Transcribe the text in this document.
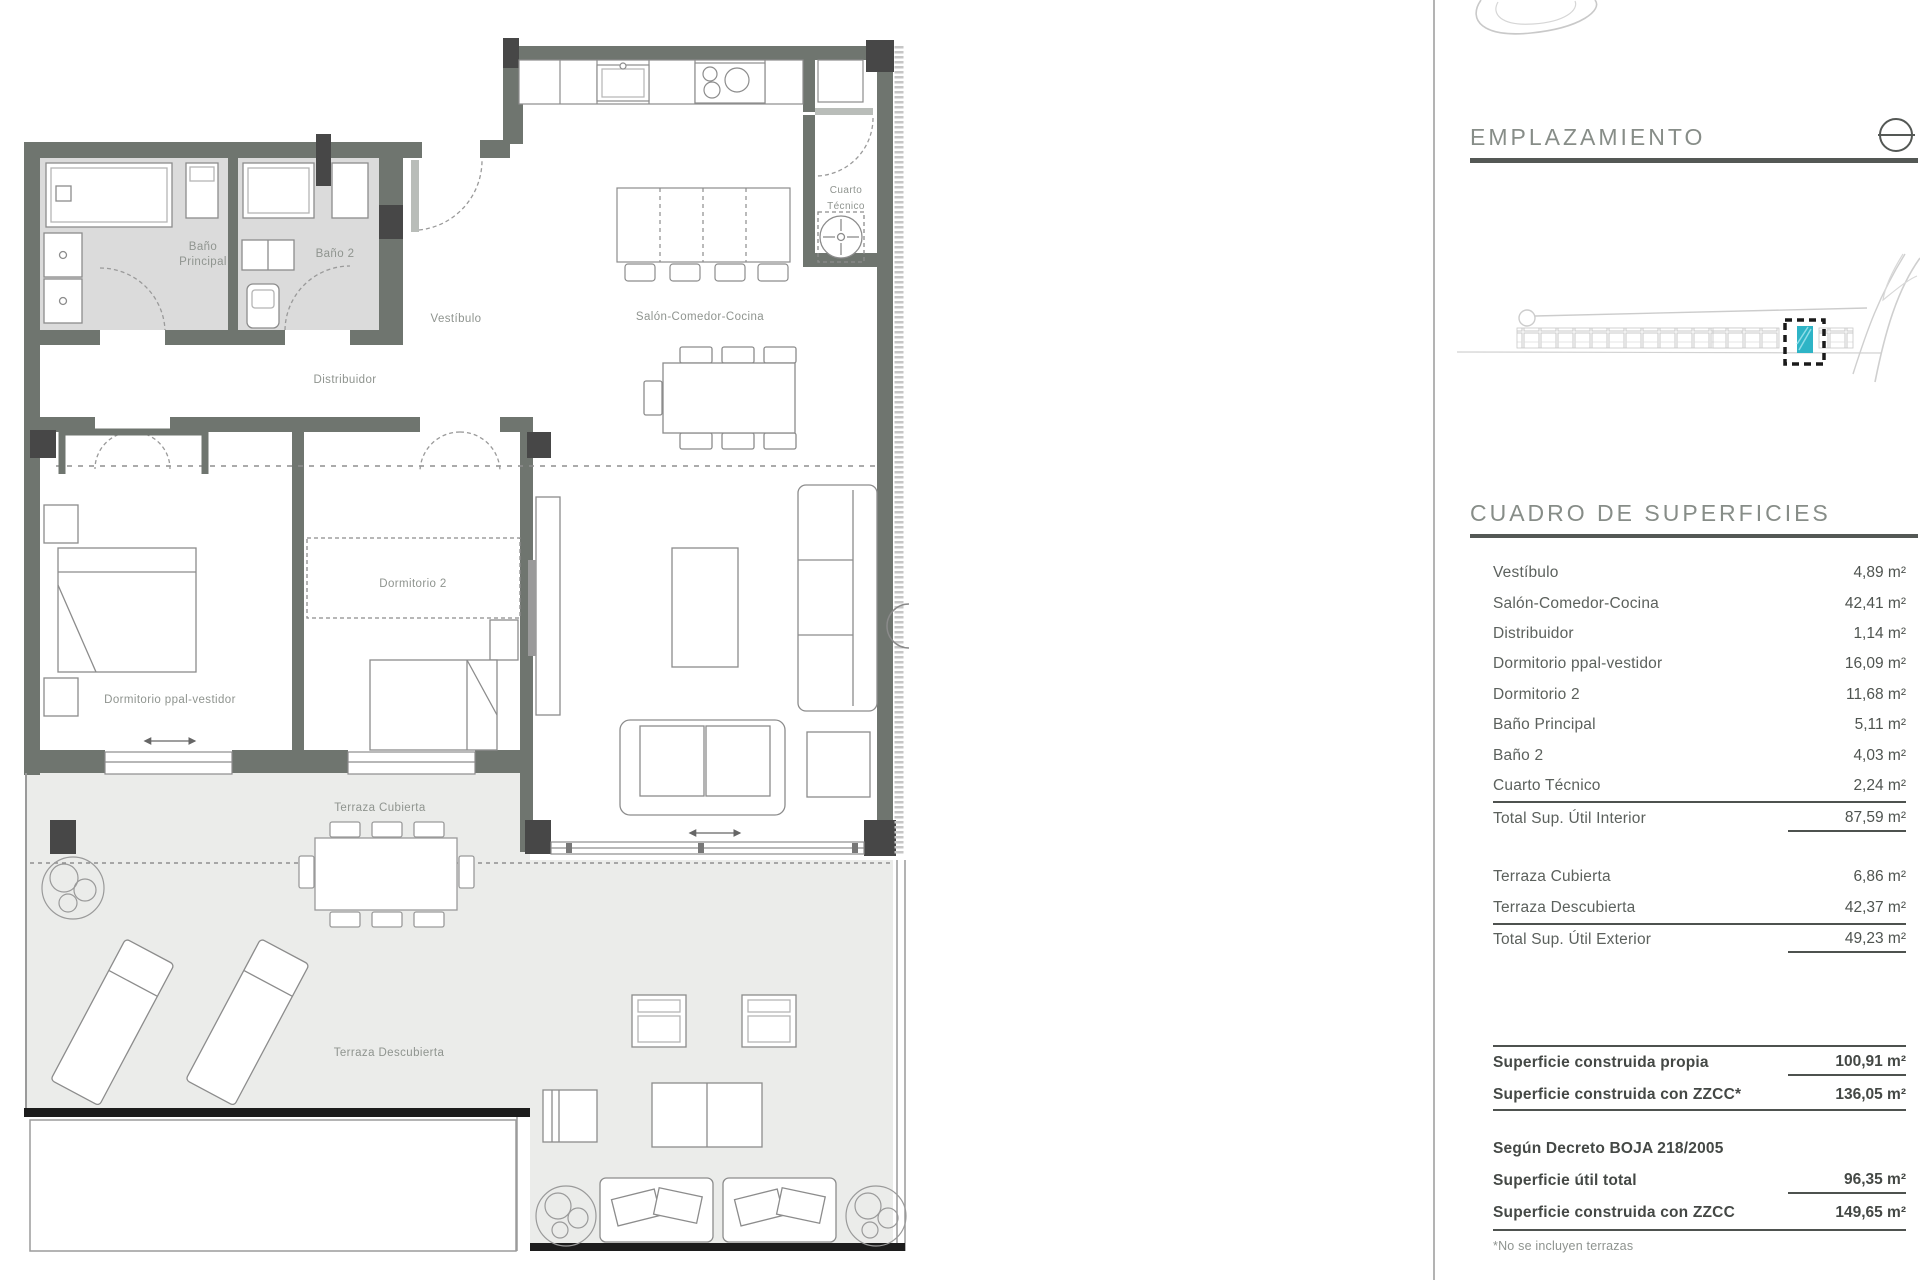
Baño
Principal
Baño 2
Cuarto
Técnico
Salón-Comedor-Cocina
Vestíbulo
Distribuidor
Dormitorio ppal-vestidor
Dormitorio 2
Terraza Cubierta
Terraza Descubierta
EMPLAZAMIENTO
CUADRO DE SUPERFICIES
Vestíbulo	4,89 m²
Salón-Comedor-Cocina	42,41 m²
Distribuidor	1,14 m²
Dormitorio ppal-vestidor	16,09 m²
Dormitorio 2	11,68 m²
Baño Principal	5,11 m²
Baño 2	4,03 m²
Cuarto Técnico	2,24 m²
Total Sup. Útil Interior	87,59 m²
Terraza Cubierta	6,86 m²
Terraza Descubierta	42,37 m²
Total Sup. Útil Exterior	49,23 m²
Superficie construida propia	100,91 m²
Superficie construida con ZZCC*	136,05 m²
Según Decreto BOJA 218/2005
Superficie útil total	96,35 m²
Superficie construida con ZZCC	149,65 m²
*No se incluyen terrazas
